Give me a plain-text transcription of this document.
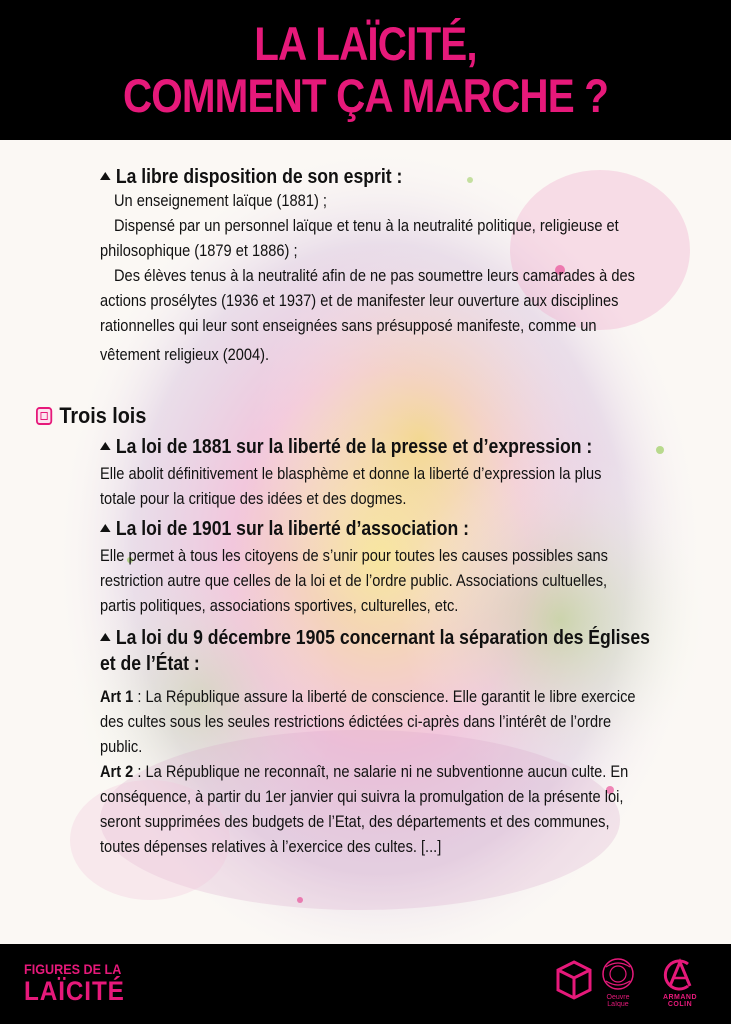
LA LAÏCITÉ,
COMMENT ÇA MARCHE ?
La libre disposition de son esprit :
Un enseignement laïque (1881) ;
Dispensé par un personnel laïque et tenu à la neutralité politique, religieuse et
philosophique (1879 et 1886) ;
Des élèves tenus à la neutralité afin de ne pas soumettre leurs camarades à des
actions prosélytes (1936 et 1937) et de manifester leur ouverture aux disciplines
rationnelles qui leur sont enseignées sans présupposé manifeste, comme un
vêtement religieux (2004).
Trois lois
La loi de 1881 sur la liberté de la presse et d’expression :
Elle abolit définitivement le blasphème et donne la liberté d’expression la plus
totale pour la critique des idées et des dogmes.
La loi de 1901 sur la liberté d’association :
Elle permet à tous les citoyens de s’unir pour toutes les causes possibles sans
restriction autre que celles de la loi et de l’ordre public. Associations cultuelles,
partis politiques, associations sportives, culturelles, etc.
La loi du 9 décembre 1905 concernant la séparation des Églises
et de l’État :
Art 1 : La République assure la liberté de conscience. Elle garantit le libre exercice
des cultes sous les seules restrictions édictées ci-après dans l’intérêt de l’ordre
public.
Art 2 : La République ne reconnaît, ne salarie ni ne subventionne aucun culte. En
conséquence, à partir du 1er janvier qui suivra la promulgation de la présente loi,
seront supprimées des budgets de l’Etat, des départements et des communes,
toutes dépenses relatives à l’exercice des cultes. [...]
FIGURES DE LA
LAÏCITÉ	Oeuvre Laïque
ARMAND COLIN
